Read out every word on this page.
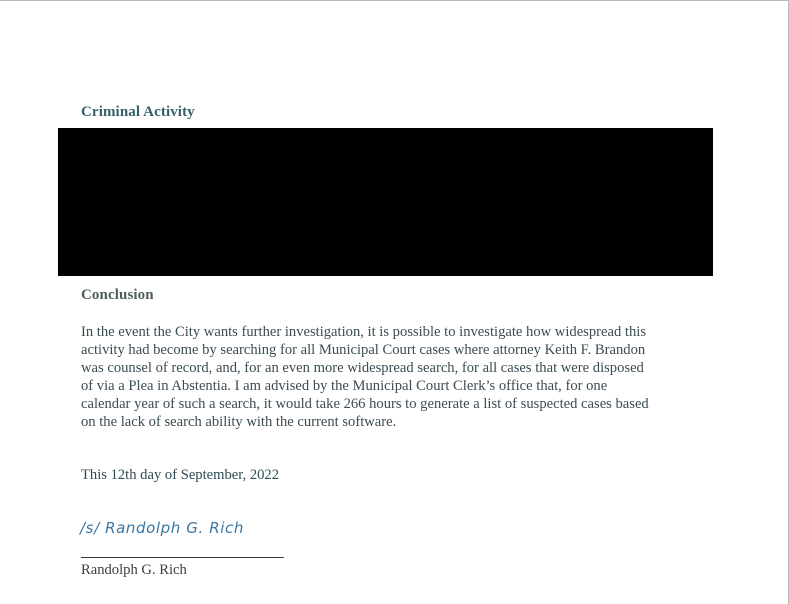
Criminal Activity
Conclusion
In the event the City wants further investigation, it is possible to investigate how widespread this
activity had become by searching for all Municipal Court cases where attorney Keith F. Brandon
was counsel of record, and, for an even more widespread search, for all cases that were disposed
of via a Plea in Abstentia. I am advised by the Municipal Court Clerk’s office that, for one
calendar year of such a search, it would take 266 hours to generate a list of suspected cases based
on the lack of search ability with the current software.
This 12th day of September, 2022
/s/ Randolph G. Rich
Randolph G. Rich
